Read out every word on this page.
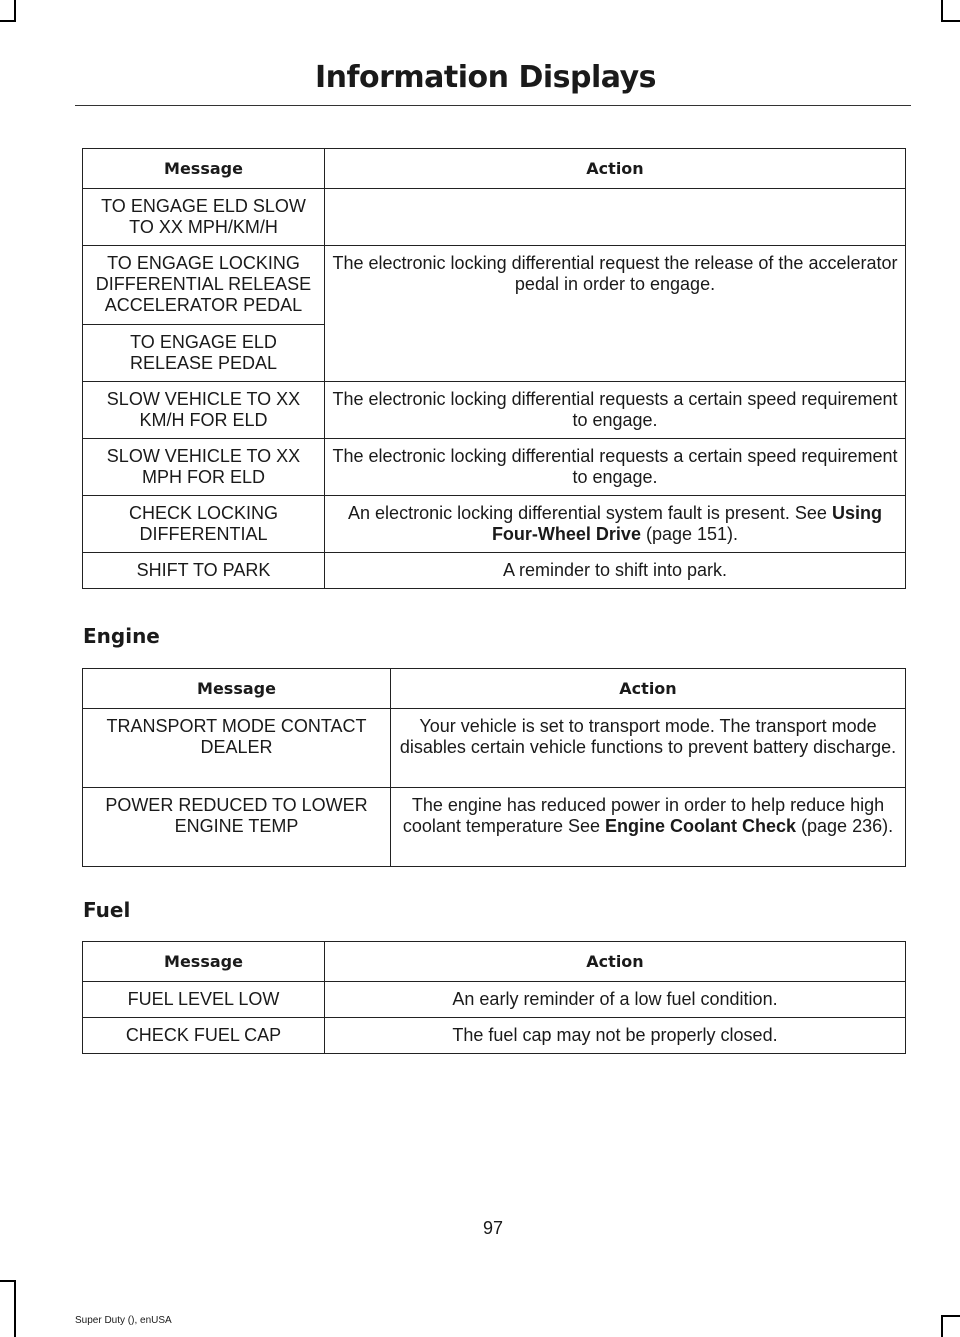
Information Displays
Message	Action
TO ENGAGE ELD SLOW TO XX MPH/KM/H	
TO ENGAGE LOCKING DIFFERENTIAL RELEASE ACCELERATOR PEDAL	The electronic locking differential request the release of the accelerator pedal in order to engage.
TO ENGAGE ELD RELEASE PEDAL	
SLOW VEHICLE TO XX KM/H FOR ELD	The electronic locking differential requests a certain speed requirement to engage.
SLOW VEHICLE TO XX MPH FOR ELD	The electronic locking differential requests a certain speed requirement to engage.
CHECK LOCKING DIFFERENTIAL	An electronic locking differential system fault is present. See Using Four-Wheel Drive (page 151).
SHIFT TO PARK	A reminder to shift into park.
Engine
Message	Action
TRANSPORT MODE CONTACT DEALER	Your vehicle is set to transport mode. The transport mode disables certain vehicle functions to prevent battery discharge.
POWER REDUCED TO LOWER ENGINE TEMP	The engine has reduced power in order to help reduce high coolant temperature See Engine Coolant Check (page 236).
Fuel
Message	Action
FUEL LEVEL LOW	An early reminder of a low fuel condition.
CHECK FUEL CAP	The fuel cap may not be properly closed.
97
Super Duty (), enUSA
